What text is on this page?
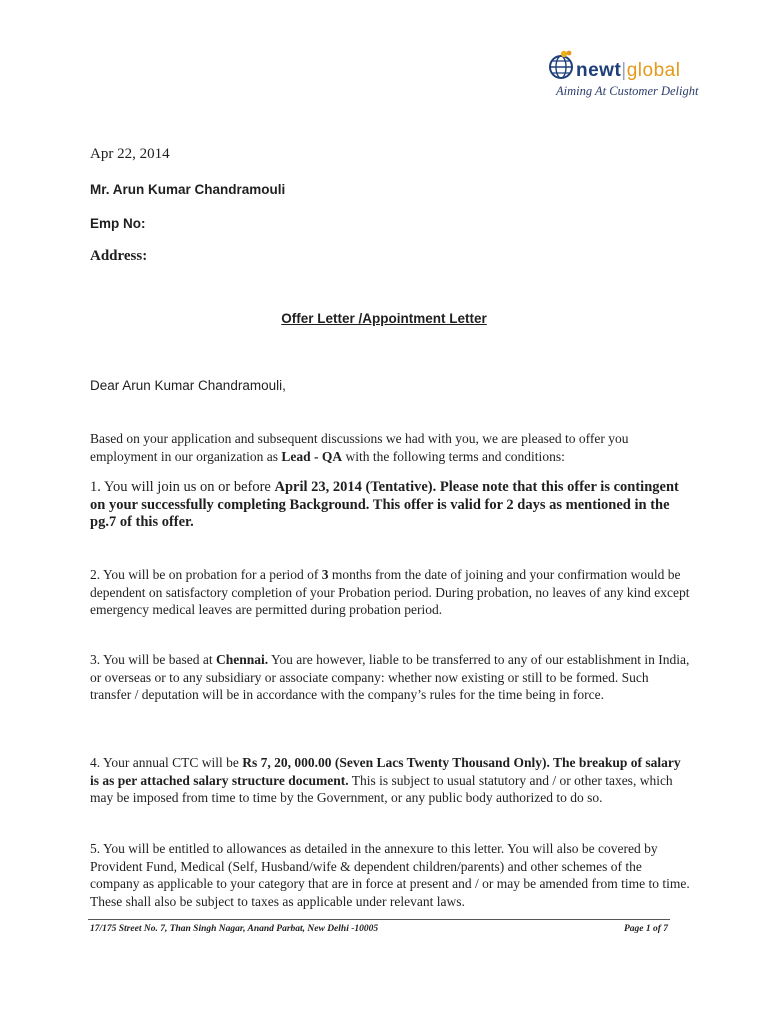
newt|global
Aiming At Customer Delight
Apr 22, 2014
Mr. Arun Kumar Chandramouli
Emp No:
Address:
Offer Letter /Appointment Letter
Dear Arun Kumar Chandramouli,
Based on your application and subsequent discussions we had with you, we are pleased to offer you employment in our organization as Lead - QA with the following terms and conditions:
1. You will join us on or before April 23, 2014 (Tentative). Please note that this offer is contingent on your successfully completing Background. This offer is valid for 2 days as mentioned in the pg.7 of this offer.
2. You will be on probation for a period of 3 months from the date of joining and your confirmation would be dependent on satisfactory completion of your Probation period. During probation, no leaves of any kind except emergency medical leaves are permitted during probation period.
3. You will be based at Chennai. You are however, liable to be transferred to any of our establishment in India, or overseas or to any subsidiary or associate company: whether now existing or still to be formed. Such transfer / deputation will be in accordance with the company’s rules for the time being in force.
4. Your annual CTC will be Rs 7, 20, 000.00 (Seven Lacs Twenty Thousand Only). The breakup of salary is as per attached salary structure document. This is subject to usual statutory and / or other taxes, which may be imposed from time to time by the Government, or any public body authorized to do so.
5. You will be entitled to allowances as detailed in the annexure to this letter. You will also be covered by Provident Fund, Medical (Self, Husband/wife & dependent children/parents) and other schemes of the company as applicable to your category that are in force at present and / or may be amended from time to time. These shall also be subject to taxes as applicable under relevant laws.
17/175 Street No. 7, Than Singh Nagar, Anand Parbat, New Delhi -10005	Page 1 of 7
